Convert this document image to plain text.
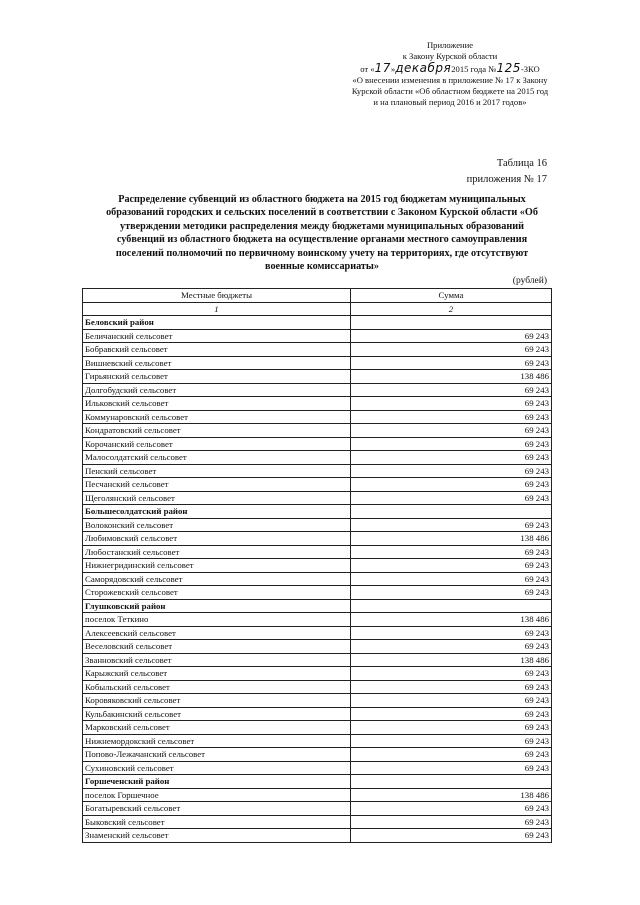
Приложение
к Закону Курской области
от «17»декабря2015 года №125-ЗКО
«О внесении изменения в приложение № 17 к Закону
Курской области «Об областном бюджете на 2015 год
и на плановый период 2016 и 2017 годов»
Таблица 16
приложения № 17
Распределение субвенций из областного бюджета на 2015 год бюджетам муниципальных образований городских и сельских поселений в соответствии с Законом Курской области «Об утверждении методики распределения между бюджетами муниципальных образований субвенций из областного бюджета на осуществление органами местного самоуправления поселений полномочий по первичному воинскому учету на территориях, где отсутствуют военные комиссариаты»
(рублей)
Местные бюджеты	Сумма
1	2
Беловский район	
Беличанский сельсовет	69 243
Бобравский сельсовет	69 243
Вишневский сельсовет	69 243
Гирьянский сельсовет	138 486
Долгобудский сельсовет	69 243
Ильковский сельсовет	69 243
Коммунаровский сельсовет	69 243
Кондратовский сельсовет	69 243
Корочанский сельсовет	69 243
Малосолдатский сельсовет	69 243
Пенский сельсовет	69 243
Песчанский сельсовет	69 243
Щеголянский сельсовет	69 243
Большесолдатский район	
Волоконский сельсовет	69 243
Любимовский сельсовет	138 486
Любостанский сельсовет	69 243
Нижнегридинский сельсовет	69 243
Саморядовский сельсовет	69 243
Сторожевский сельсовет	69 243
Глушковский район	
поселок Теткино	138 486
Алексеевский сельсовет	69 243
Веселовский сельсовет	69 243
Званновский сельсовет	138 486
Карыжский сельсовет	69 243
Кобыльский сельсовет	69 243
Коровяковский сельсовет	69 243
Кульбакинский сельсовет	69 243
Марковский сельсовет	69 243
Нижнемордокский сельсовет	69 243
Попово-Лежачанский сельсовет	69 243
Сухиновский сельсовет	69 243
Горшеченский район	
поселок Горшечное	138 486
Богатыревский сельсовет	69 243
Быковский сельсовет	69 243
Знаменский сельсовет	69 243
